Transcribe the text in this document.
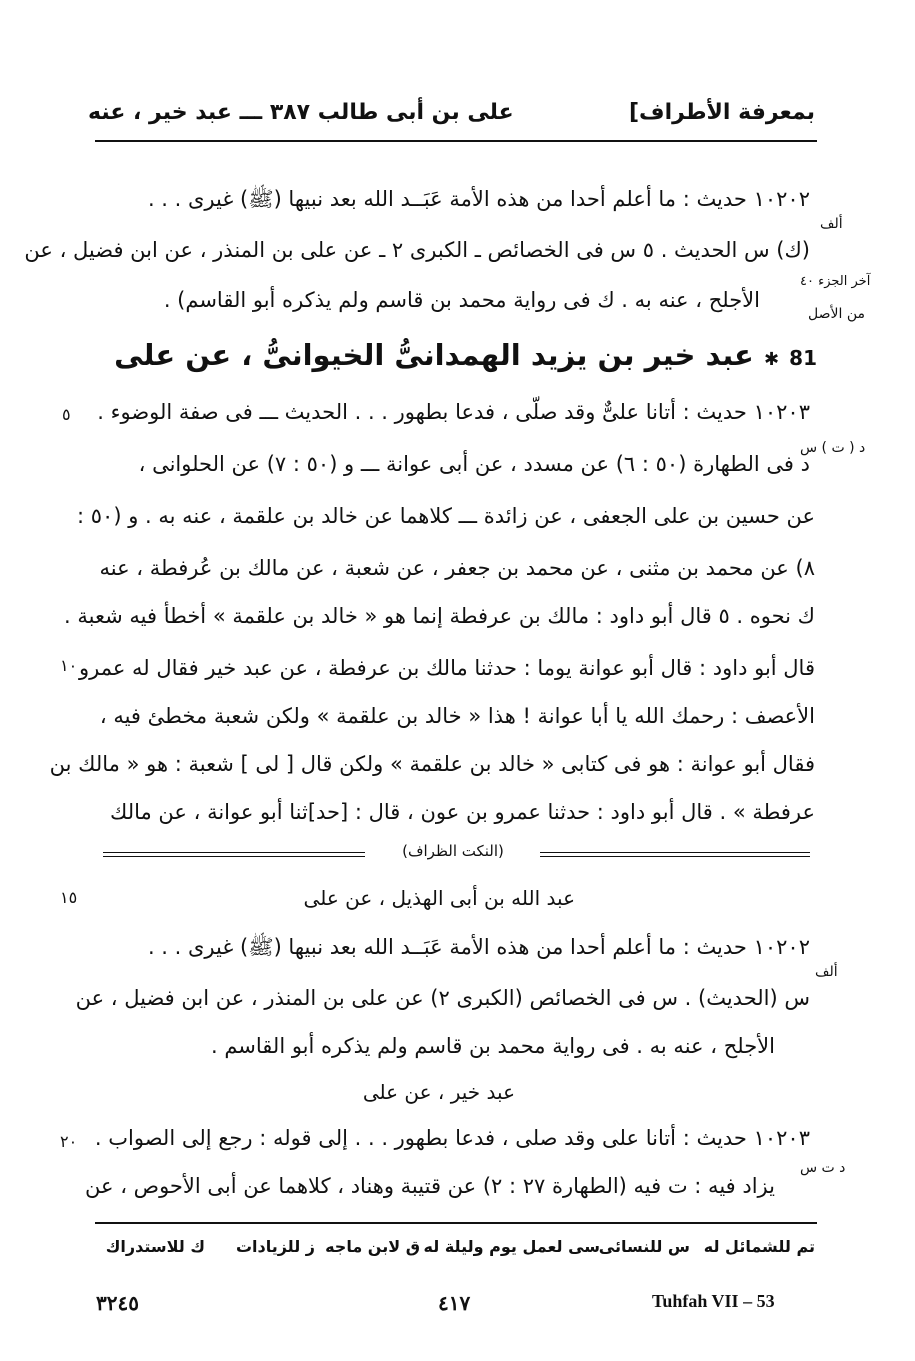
بمعرفة الأطراف]
على بن أبى طالب ٣٨٧ ـــ عبد خير ، عنه
ألف
آخر الجزء ٤٠
من الأصل
د ( ت ) س
ألف
د ت س
٥
١٠
١٥
٢٠
١٠٢٠٢ حديث : ما أعلم أحدا من هذه الأمة عَبَــد الله بعد نبيها (ﷺ) غيرى . . .
(ك) س الحديث . ٥ س فى الخصائص ـ الكبرى ٢ ـ عن على بن المنذر ، عن ابن فضيل ، عن
الأجلح ، عنه به . ك فى رواية محمد بن قاسم ولم يذكره أبو القاسم) .
81 ✱ عبد خير بن يزيد الهمدانىُّ الخيوانىُّ ، عن على
١٠٢٠٣ حديث : أتانا علىٌّ وقد صلّى ، فدعا بطهور . . . الحديث ـــ فى صفة الوضوء .
د فى الطهارة (٥٠ : ٦) عن مسدد ، عن أبى عوانة ـــ و (٥٠ : ٧) عن الحلوانى ،
عن حسين بن على الجعفى ، عن زائدة ـــ كلاهما عن خالد بن علقمة ، عنه به . و (٥٠ :
٨) عن محمد بن مثنى ، عن محمد بن جعفر ، عن شعبة ، عن مالك بن عُرفطة ، عنه
ك نحوه . ٥ قال أبو داود : مالك بن عرفطة إنما هو « خالد بن علقمة » أخطأ فيه شعبة .
قال أبو داود : قال أبو عوانة يوما : حدثنا مالك بن عرفطة ، عن عبد خير فقال له عمرو
الأعصف : رحمك الله يا أبا عوانة ! هذا « خالد بن علقمة » ولكن شعبة مخطئ فيه ،
فقال أبو عوانة : هو فى كتابى « خالد بن علقمة » ولكن قال [ لى ] شعبة : هو « مالك بن
عرفطة » . قال أبو داود : حدثنا عمرو بن عون ، قال : [حد]ثنا أبو عوانة ، عن مالك
(النكت الظراف)
عبد الله بن أبى الهذيل ، عن على
١٠٢٠٢ حديث : ما أعلم أحدا من هذه الأمة عَبَــد الله بعد نبيها (ﷺ) غيرى . . .
س (الحديث) . س فى الخصائص (الكبرى ٢) عن على بن المنذر ، عن ابن فضيل ، عن
الأجلح ، عنه به . فى رواية محمد بن قاسم ولم يذكره أبو القاسم .
عبد خير ، عن على
١٠٢٠٣ حديث : أتانا على وقد صلى ، فدعا بطهور . . . إلى قوله : رجع إلى الصواب .
يزاد فيه : ت فيه (الطهارة ٢٧ : ٢) عن قتيبة وهناد ، كلاهما عن أبى الأحوص ، عن
تم للشمائل له
س للنسائى
سى لعمل يوم وليلة له
ق لابن ماجه
ز للزيادات
ك للاستدراك
٣٢٤٥	٤١٧	Tuhfah VII – 53
